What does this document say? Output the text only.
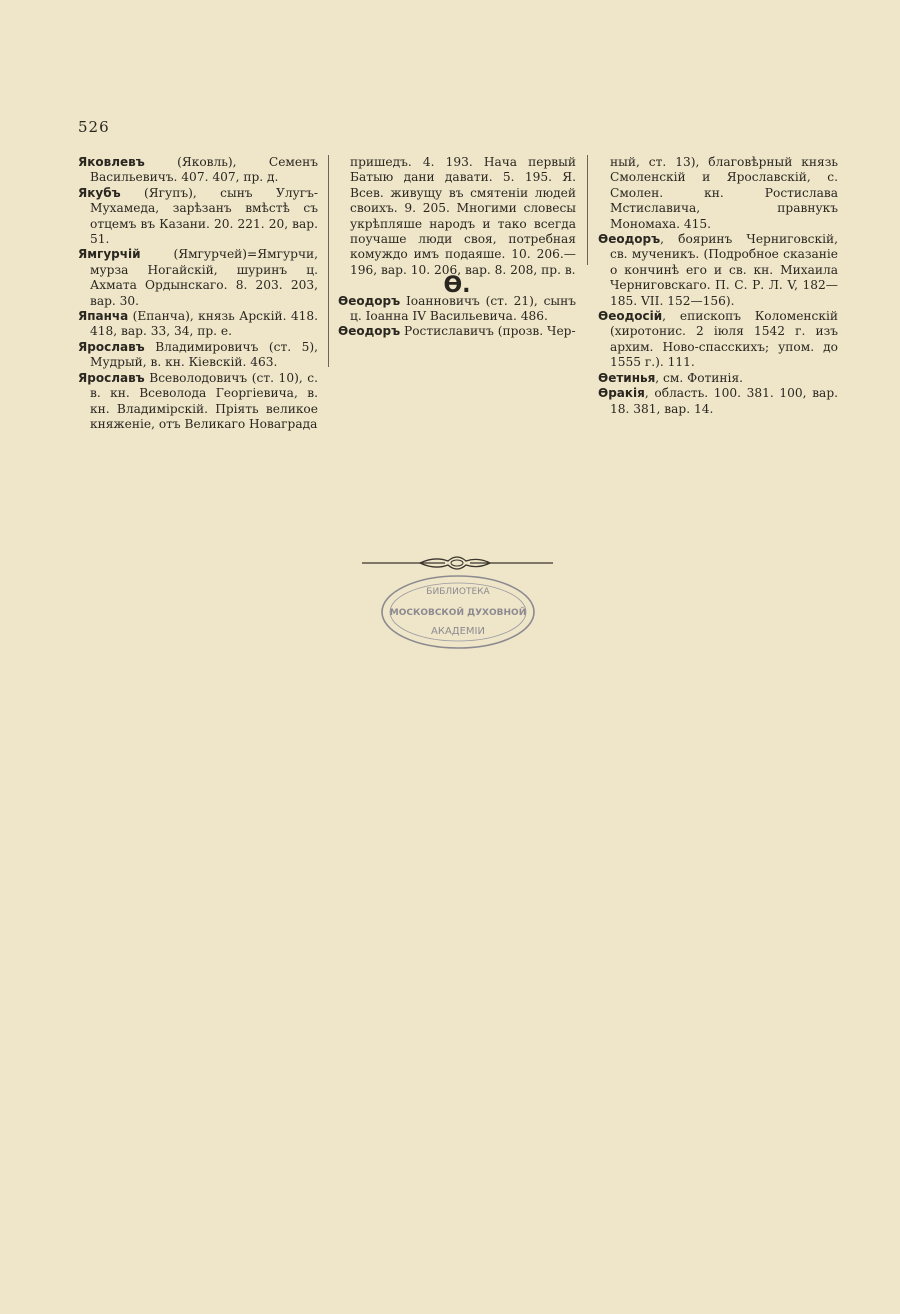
526

Яковлевъ (Яковль), Семенъ Васильевичъ. 407. 407, пр. д.

Якубъ (Ягупъ), сынъ Улугъ-Мухамеда, зарѣзанъ вмѣстѣ съ отцемъ въ Казани. 20. 221. 20, вар. 51.

Ямгурчій (Ямгурчей)=Ямгурчи, мурза Ногайскій, шуринъ ц. Ахмата Ордынскаго. 8. 203. 203, вар. 30.

Япанча (Епанча), князь Арскій. 418. 418, вар. 33, 34, пр. е.

Ярославъ Владимировичъ (ст. 5), Мудрый, в. кн. Кіевскій. 463.

Ярославъ Всеволодовичъ (ст. 10), с. в. кн. Всеволода Георгіевича, в. кн. Владимірскій. Пріять великое княженіе, отъ Великаго Новаграда

пришедъ. 4. 193. Нача первый Батыю дани давати. 5. 195. Я. Всев. живущу въ смятеніи людей своихъ. 9. 205. Многими словесы укрѣпляше народъ и тако всегда поучаше люди своя, потребная комуждо имъ подаяше. 10. 206.—196, вар. 10. 206, вар. 8. 208, пр. в.

Ѳ.

Ѳеодоръ Іоанновичъ (ст. 21), сынъ ц. Іоанна IV Васильевича. 486.

Ѳеодоръ Ростиславичъ (прозв. Чер-

ный, ст. 13), благовѣрный князь Смоленскій и Ярославскій, с. Смолен. кн. Ростислава Мстиславича, правнукъ Мономаха. 415.

Ѳеодоръ, бояринъ Черниговскій, св. мученикъ. (Подробное сказаніе о кончинѣ его и св. кн. Михаила Черниговскаго. П. С. Р. Л. V, 182—185. VII. 152—156).

Ѳеодосій, епископъ Коломенскій (хиротонис. 2 іюля 1542 г. изъ архим. Ново-спасскихъ; упом. до 1555 г.). 111.

Ѳетинья, см. Фотинія.

Ѳракія, область. 100. 381. 100, вар. 18. 381, вар. 14.

БИБЛИОТЕКА
МОСКОВСКОЙ ДУХОВНОЙ
АКАДЕМІИ
